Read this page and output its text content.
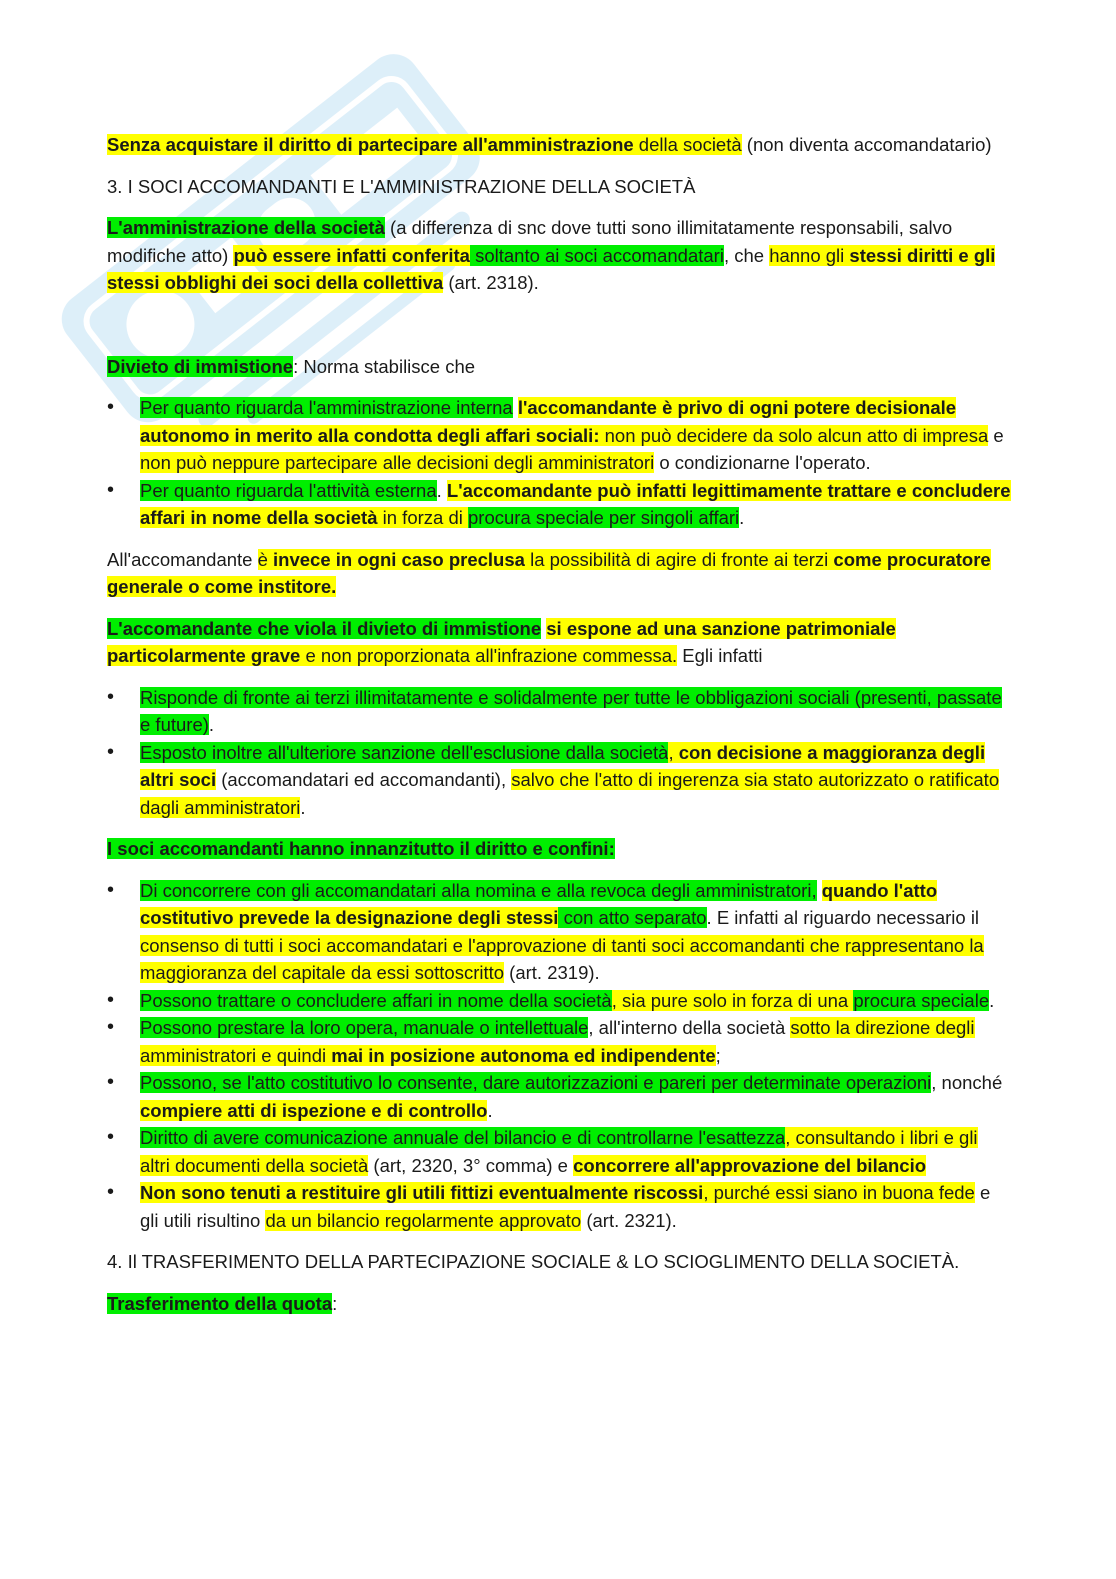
Senza acquistare il diritto di partecipare all'amministrazione della società (non diventa accomandatario)

3. I SOCI ACCOMANDANTI E L'AMMINISTRAZIONE DELLA SOCIETÀ

L'amministrazione della società (a differenza di snc dove tutti sono illimitatamente responsabili, salvo modifiche atto) può essere infatti conferita soltanto ai soci accomandatari, che hanno gli stessi diritti e gli stessi obblighi dei soci della collettiva (art. 2318).

Divieto di immistione: Norma stabilisce che

• Per quanto riguarda l'amministrazione interna l'accomandante è privo di ogni potere decisionale autonomo in merito alla condotta degli affari sociali: non può decidere da solo alcun atto di impresa e non può neppure partecipare alle decisioni degli amministratori o condizionarne l'operato.
• Per quanto riguarda l'attività esterna. L'accomandante può infatti legittimamente trattare e concludere affari in nome della società in forza di procura speciale per singoli affari.

All'accomandante è invece in ogni caso preclusa la possibilità di agire di fronte ai terzi come procuratore generale o come institore.

L'accomandante che viola il divieto di immistione si espone ad una sanzione patrimoniale particolarmente grave e non proporzionata all'infrazione commessa. Egli infatti

• Risponde di fronte ai terzi illimitatamente e solidalmente per tutte le obbligazioni sociali (presenti, passate e future).
• Esposto inoltre all'ulteriore sanzione dell'esclusione dalla società, con decisione a maggioranza degli altri soci (accomandatari ed accomandanti), salvo che l'atto di ingerenza sia stato autorizzato o ratificato dagli amministratori.

I soci accomandanti hanno innanzitutto il diritto e confini:

• Di concorrere con gli accomandatari alla nomina e alla revoca degli amministratori, quando l'atto costitutivo prevede la designazione degli stessi con atto separato. E infatti al riguardo necessario il consenso di tutti i soci accomandatari e l'approvazione di tanti soci accomandanti che rappresentano la maggioranza del capitale da essi sottoscritto (art. 2319).
• Possono trattare o concludere affari in nome della società, sia pure solo in forza di una procura speciale.
• Possono prestare la loro opera, manuale o intellettuale, all'interno della società sotto la direzione degli amministratori e quindi mai in posizione autonoma ed indipendente;
• Possono, se l'atto costitutivo lo consente, dare autorizzazioni e pareri per determinate operazioni, nonché compiere atti di ispezione e di controllo.
• Diritto di avere comunicazione annuale del bilancio e di controllarne l'esattezza, consultando i libri e gli altri documenti della società (art, 2320, 3° comma) e concorrere all'approvazione del bilancio
• Non sono tenuti a restituire gli utili fittizi eventualmente riscossi, purché essi siano in buona fede e gli utili risultino da un bilancio regolarmente approvato (art. 2321).

4. Il TRASFERIMENTO DELLA PARTECIPAZIONE SOCIALE & LO SCIOGLIMENTO DELLA SOCIETÀ.

Trasferimento della quota:
